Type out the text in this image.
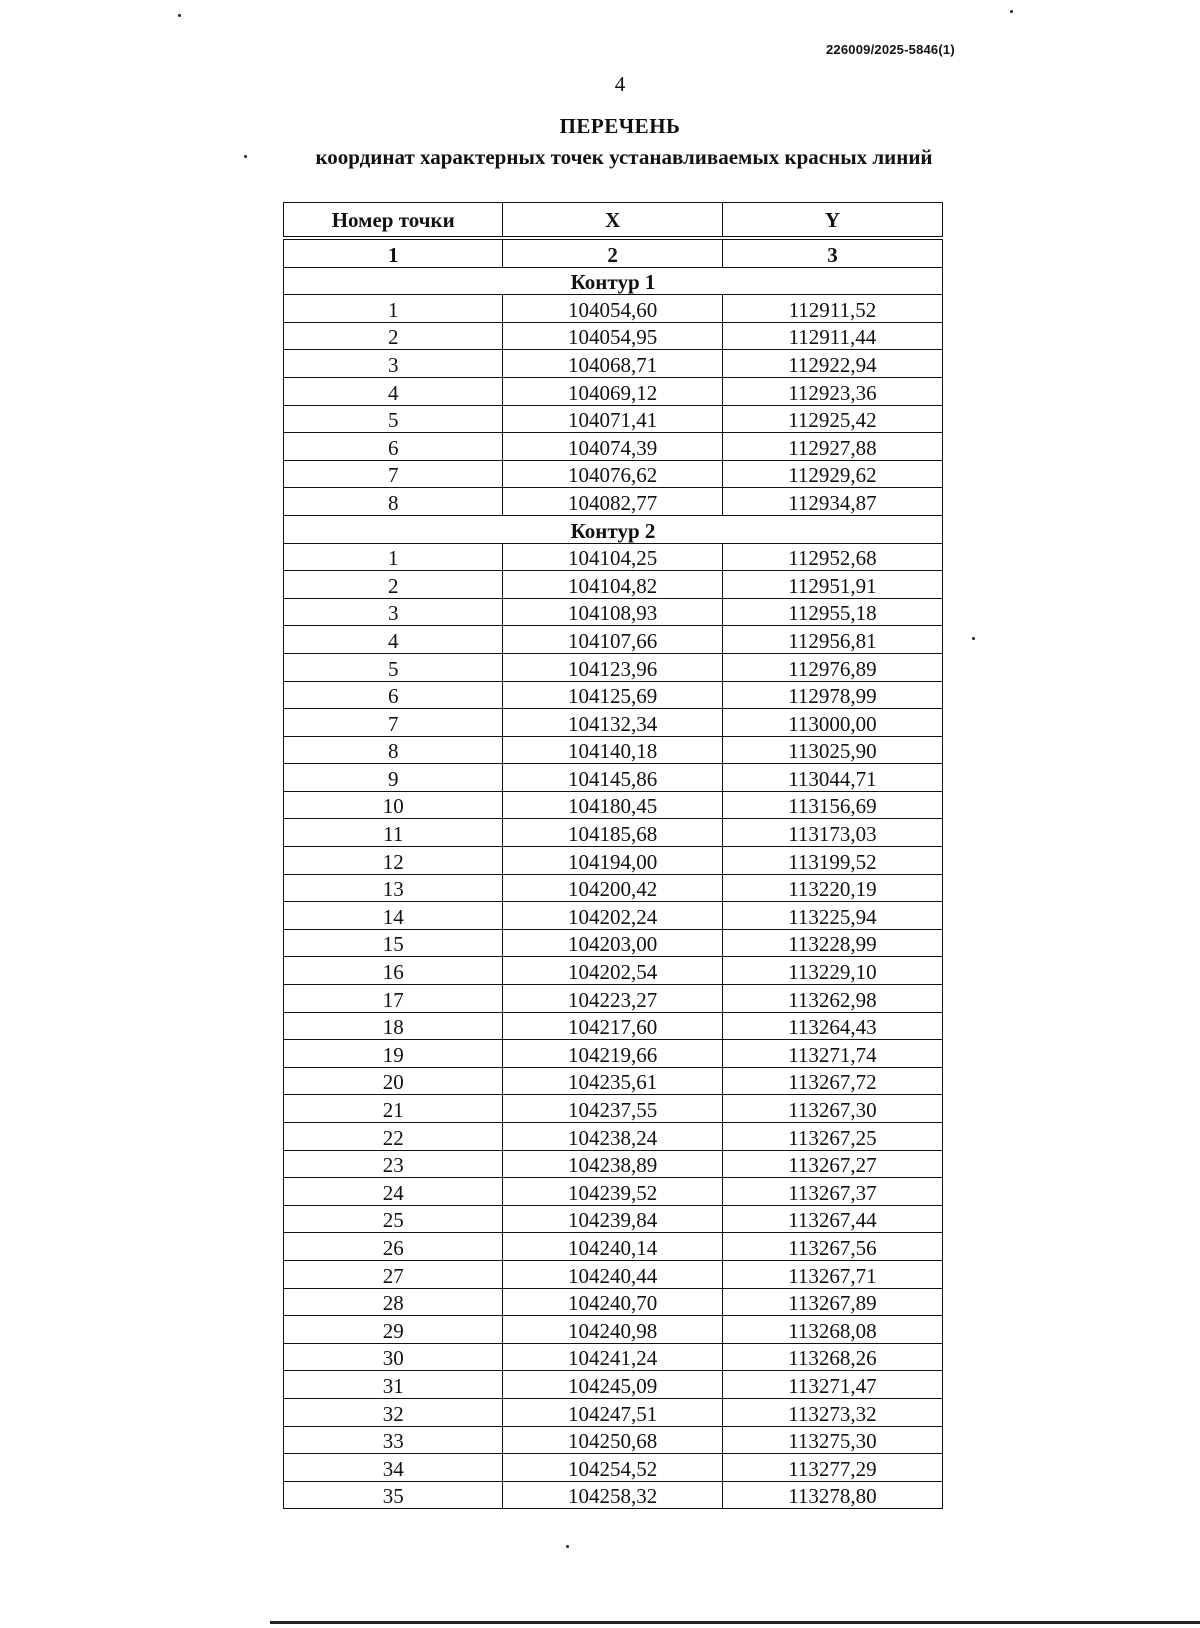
226009/2025-5846(1)
4
ПЕРЕЧЕНЬ
координат характерных точек устанавливаемых красных линий
Номер точки	X	Y
1	2	3
Контур 1		
1	104054,60	112911,52
2	104054,95	112911,44
3	104068,71	112922,94
4	104069,12	112923,36
5	104071,41	112925,42
6	104074,39	112927,88
7	104076,62	112929,62
8	104082,77	112934,87
Контур 2		
1	104104,25	112952,68
2	104104,82	112951,91
3	104108,93	112955,18
4	104107,66	112956,81
5	104123,96	112976,89
6	104125,69	112978,99
7	104132,34	113000,00
8	104140,18	113025,90
9	104145,86	113044,71
10	104180,45	113156,69
11	104185,68	113173,03
12	104194,00	113199,52
13	104200,42	113220,19
14	104202,24	113225,94
15	104203,00	113228,99
16	104202,54	113229,10
17	104223,27	113262,98
18	104217,60	113264,43
19	104219,66	113271,74
20	104235,61	113267,72
21	104237,55	113267,30
22	104238,24	113267,25
23	104238,89	113267,27
24	104239,52	113267,37
25	104239,84	113267,44
26	104240,14	113267,56
27	104240,44	113267,71
28	104240,70	113267,89
29	104240,98	113268,08
30	104241,24	113268,26
31	104245,09	113271,47
32	104247,51	113273,32
33	104250,68	113275,30
34	104254,52	113277,29
35	104258,32	113278,80
